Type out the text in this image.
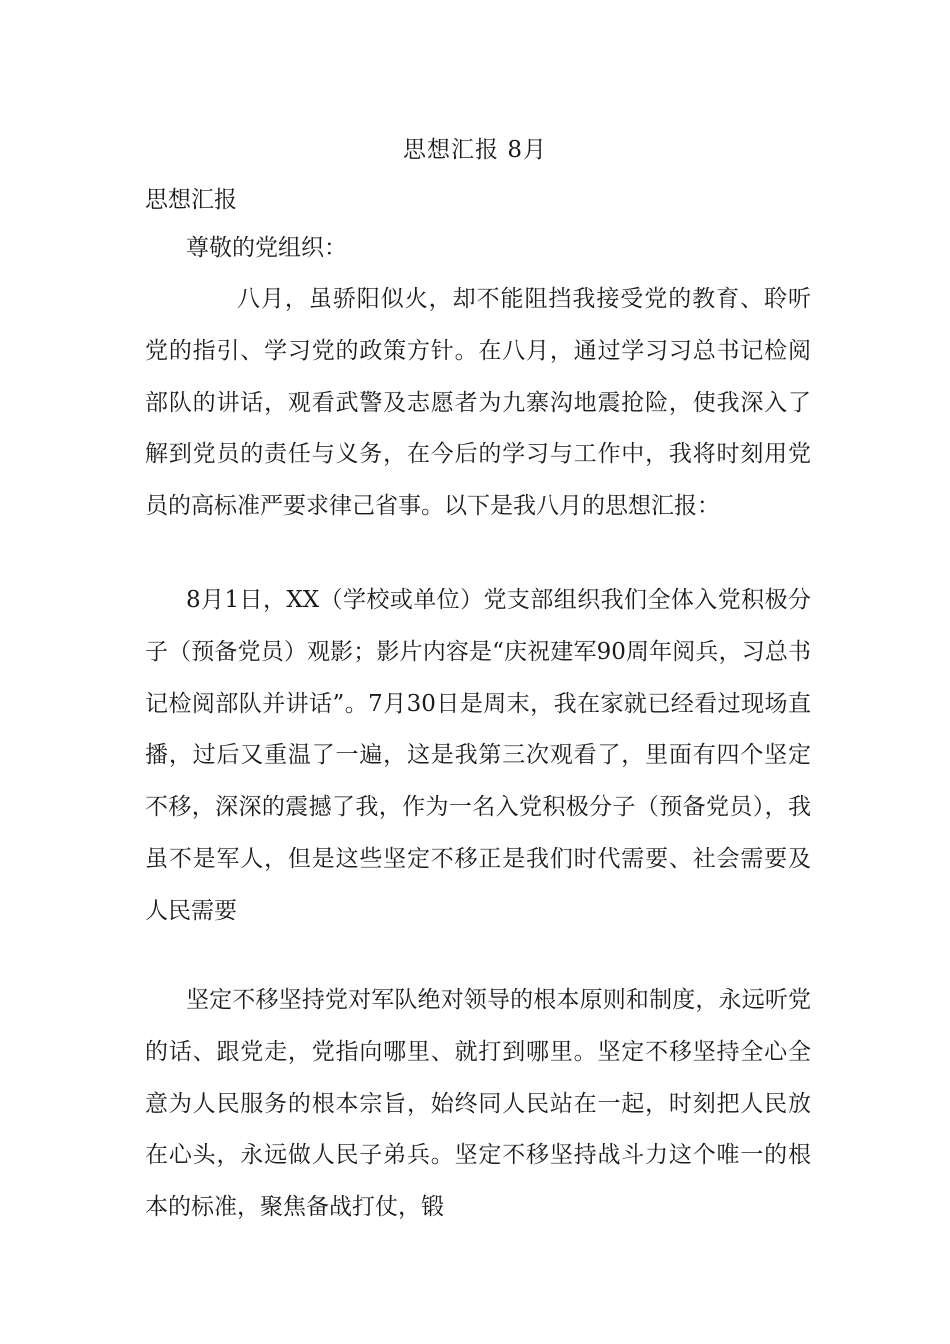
思想汇报 8月
思想汇报
尊敬的党组织：

八月，虽骄阳似火，却不能阻挡我接受党的教育、聆听党的指引、学习党的政策方针。在八月，通过学习习总书记检阅部队的讲话，观看武警及志愿者为九寨沟地震抢险，使我深入了解到党员的责任与义务，在今后的学习与工作中，我将时刻用党员的高标准严要求律己省事。以下是我八月的思想汇报：

8月1日，XX（学校或单位）党支部组织我们全体入党积极分子（预备党员）观影；影片内容是“庆祝建军90周年阅兵，习总书记检阅部队并讲话”。7月30日是周末，我在家就已经看过现场直播，过后又重温了一遍，这是我第三次观看了，里面有四个坚定不移，深深的震撼了我，作为一名入党积极分子（预备党员），我虽不是军人，但是这些坚定不移正是我们时代需要、社会需要及人民需要

坚定不移坚持党对军队绝对领导的根本原则和制度，永远听党的话、跟党走，党指向哪里、就打到哪里。坚定不移坚持全心全意为人民服务的根本宗旨，始终同人民站在一起，时刻把人民放在心头，永远做人民子弟兵。坚定不移坚持战斗力这个唯一的根本的标准，聚焦备战打仗，锻
